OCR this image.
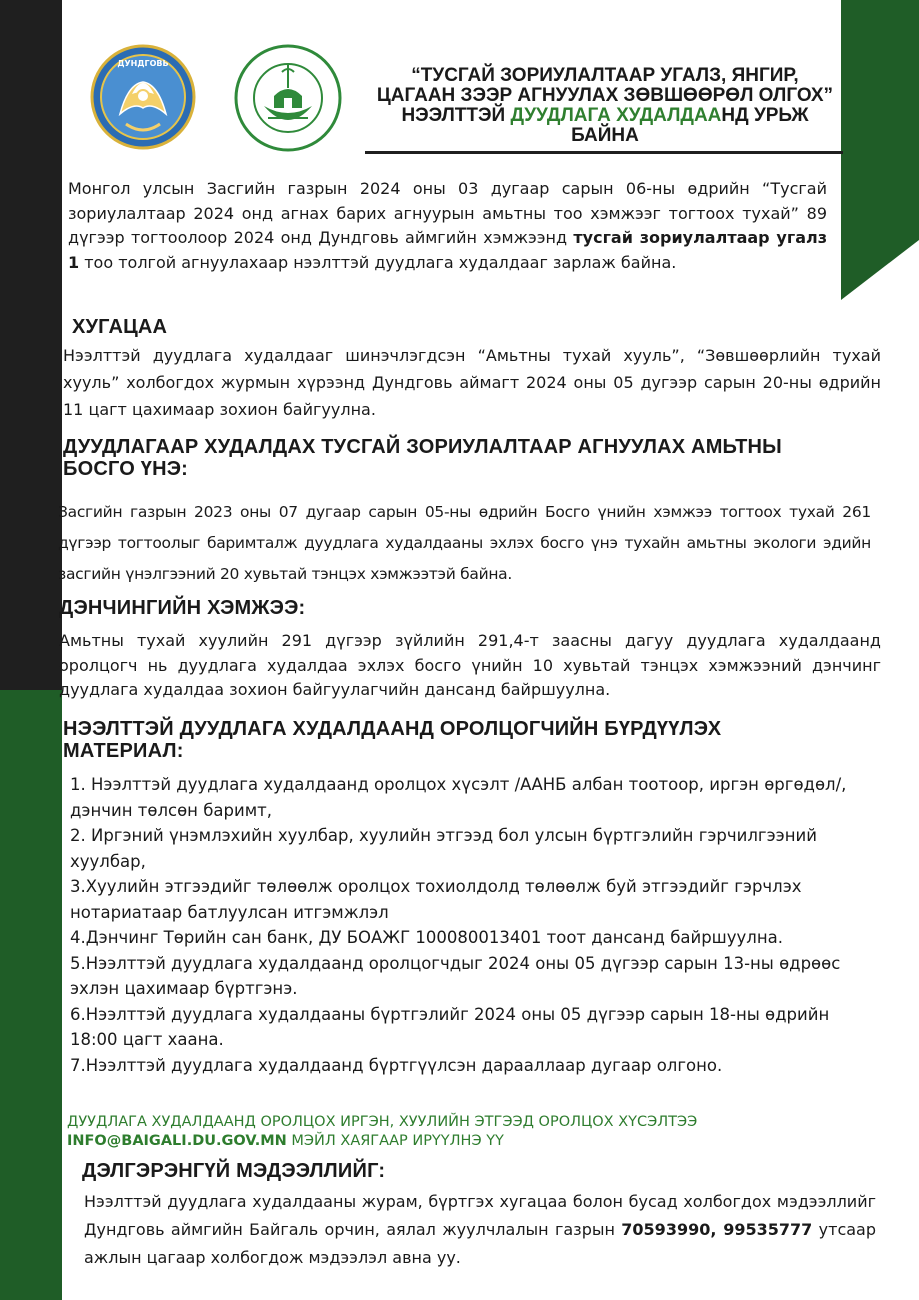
ДУНДГОВЬ
“ТУСГАЙ ЗОРИУЛАЛТААР УГАЛЗ, ЯНГИР, ЦАГААН ЗЭЭР АГНУУЛАХ ЗӨВШӨӨРӨЛ ОЛГОХ” НЭЭЛТТЭЙ ДУУДЛАГА ХУДАЛДААНД УРЬЖ БАЙНА
Монгол улсын Засгийн газрын 2024 оны 03 дугаар сарын 06-ны өдрийн “Тусгай зориулалтаар 2024 онд агнах барих агнуурын амьтны тоо хэмжээг тогтоох тухай” 89 дүгээр тогтоолоор 2024 онд Дундговь аймгийн хэмжээнд тусгай зориулалтаар угалз 1 тоо толгой агнуулахаар нээлттэй дуудлага худалдааг зарлаж байна.
ХУГАЦАА
Нээлттэй дуудлага худалдааг шинэчлэгдсэн “Амьтны тухай хууль”, “Зөвшөөрлийн тухай хууль” холбогдох журмын хүрээнд Дундговь аймагт 2024 оны 05 дугээр сарын 20-ны өдрийн 11 цагт цахимаар зохион байгуулна.
ДУУДЛАГААР ХУДАЛДАХ ТУСГАЙ ЗОРИУЛАЛТААР АГНУУЛАХ АМЬТНЫ БОСГО ҮНЭ:
Засгийн газрын 2023 оны 07 дугаар сарын 05-ны өдрийн Босго үнийн хэмжээ тогтоох тухай 261 дүгээр тогтоолыг баримталж дуудлага худалдааны эхлэх босго үнэ тухайн амьтны экологи эдийн засгийн үнэлгээний 20 хувьтай тэнцэх хэмжээтэй байна.
ДЭНЧИНГИЙН ХЭМЖЭЭ:
Амьтны тухай хуулийн 291 дүгээр зүйлийн 291,4-т заасны дагуу дуудлага худалдаанд оролцогч нь дуудлага худалдаа эхлэх босго үнийн 10 хувьтай тэнцэх хэмжээний дэнчинг дуудлага худалдаа зохион байгуулагчийн дансанд байршуулна.
НЭЭЛТТЭЙ ДУУДЛАГА ХУДАЛДААНД ОРОЛЦОГЧИЙН БҮРДҮҮЛЭХ МАТЕРИАЛ:
1. Нээлттэй дуудлага худалдаанд оролцох хүсэлт /ААНБ албан тоотоор, иргэн өргөдөл/, дэнчин төлсөн баримт,
2. Иргэний үнэмлэхийн хуулбар, хуулийн этгээд бол улсын бүртгэлийн гэрчилгээний хуулбар,
3.Хуулийн этгээдийг төлөөлж оролцох тохиолдолд төлөөлж буй этгээдийг гэрчлэх нотариатаар батлуулсан итгэмжлэл
4.Дэнчинг Төрийн сан банк, ДУ БОАЖГ 100080013401 тоот дансанд байршуулна.
5.Нээлттэй дуудлага худалдаанд оролцогчдыг 2024 оны 05 дүгээр сарын 13-ны өдрөөс эхлэн цахимаар бүртгэнэ.
6.Нээлттэй дуудлага худалдааны бүртгэлийг 2024 оны 05 дүгээр сарын 18-ны өдрийн 18:00 цагт хаана.
7.Нээлттэй дуудлага худалдаанд бүртгүүлсэн дарааллаар дугаар олгоно.
ДУУДЛАГА ХУДАЛДААНД ОРОЛЦОХ ИРГЭН, ХУУЛИЙН ЭТГЭЭД ОРОЛЦОХ ХҮСЭЛТЭЭ
INFO@BAIGALI.DU.GOV.MN МЭЙЛ ХАЯГААР ИРҮҮЛНЭ ҮҮ
ДЭЛГЭРЭНГҮЙ МЭДЭЭЛЛИЙГ:
Нээлттэй дуудлага худалдааны журам, бүртгэх хугацаа болон бусад холбогдох мэдээллийг Дундговь аймгийн Байгаль орчин, аялал жуулчлалын газрын 70593990, 99535777 утсаар ажлын цагаар холбогдож мэдээлэл авна уу.
